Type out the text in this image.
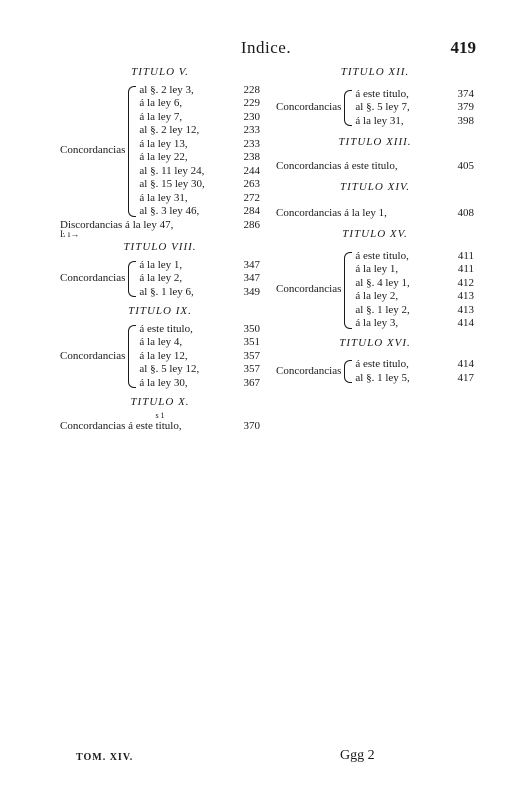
Indice.	419
TITULO V.
Concordancias
al §. 2 ley 3,	228
á la ley 6,	229
á la ley 7,	230
al §. 2 ley 12,	233
á la ley 13,	233
á la ley 22,	238
al §. 11 ley 24,	244
al §. 15 ley 30,	263
á la ley 31,	272
al §. 3 ley 46,	284
Discordancias á la ley 47,	286
Ŀ ı→
TITULO VIII.
Concordancias
á la ley 1,	347
á la ley 2,	347
al §. 1 ley 6,	349
TITULO IX.
Concordancias
á este titulo,	350
á la ley 4,	351
á la ley 12,	357
al §. 5 ley 12,	357
á la ley 30,	367
TITULO X.
s 1
Concordancias á este titulo,	370
TITULO XII.
Concordancias
á este titulo,	374
al §. 5 ley 7,	379
á la ley 31,	398
TITULO XIII.
Concordancias á este titulo,	405
TITULO XIV.
Concordancias á la ley 1,	408
TITULO XV.
Concordancias
á este titulo,	411
á la ley 1,	411
al §. 4 ley 1,	412
á la ley 2,	413
al §. 1 ley 2,	413
á la ley 3,	414
TITULO XVI.
Concordancias
á este titulo,	414
al §. 1 ley 5,	417
TOM. XIV.	Ggg 2
